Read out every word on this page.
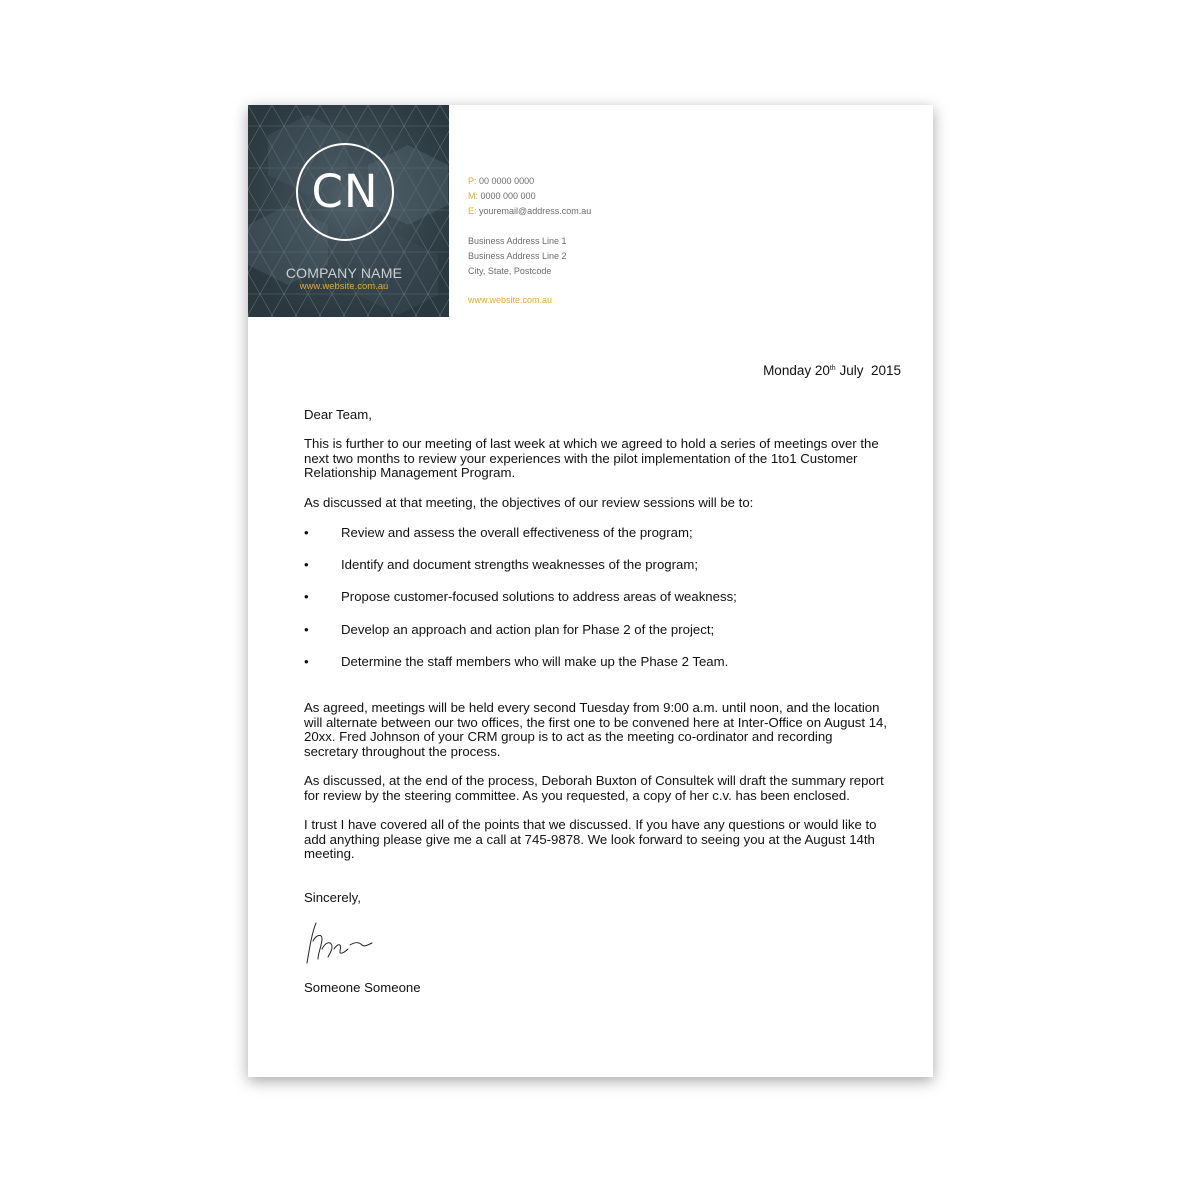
CN
COMPANY NAME
www.website.com.au
P: 00 0000 0000
M: 0000 000 000
E: youremail@address.com.au
Business Address Line 1
Business Address Line 2
City, State, Postcode
www.website.com.au
Monday 20th July  2015
Dear Team,
This is further to our meeting of last week at which we agreed to hold a series of meetings over the next two months to review your experiences with the pilot implementation of the 1to1 Customer Relationship Management Program.
As discussed at that meeting, the objectives of our review sessions will be to:
• Review and assess the overall effectiveness of the program;
• Identify and document strengths weaknesses of the program;
• Propose customer-focused solutions to address areas of weakness;
• Develop an approach and action plan for Phase 2 of the project;
• Determine the staff members who will make up the Phase 2 Team.
As agreed, meetings will be held every second Tuesday from 9:00 a.m. until noon, and the location will alternate between our two offices, the first one to be convened here at Inter-Office on August 14, 20xx. Fred Johnson of your CRM group is to act as the meeting co-ordinator and recording secretary throughout the process.
As discussed, at the end of the process, Deborah Buxton of Consultek will draft the summary report for review by the steering committee. As you requested, a copy of her c.v. has been enclosed.
I trust I have covered all of the points that we discussed. If you have any questions or would like to add anything please give me a call at 745-9878. We look forward to seeing you at the August 14th meeting.
Sincerely,
Someone Someone
